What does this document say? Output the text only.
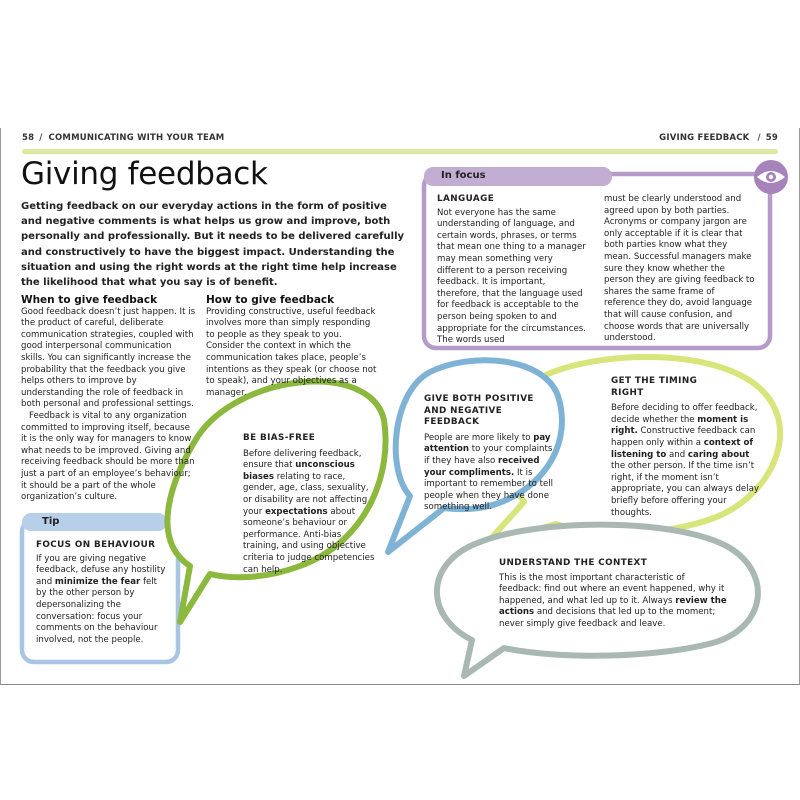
58 / COMMUNICATING WITH YOUR TEAM	GIVING FEEDBACK / 59
Giving feedback

Getting feedback on our everyday actions in the form of positive and negative comments is what helps us grow and improve, both personally and professionally. But it needs to be delivered carefully and constructively to have the biggest impact. Understanding the situation and using the right words at the right time help increase the likelihood that what you say is of benefit.

When to give feedback

Good feedback doesn’t just happen. It is the product of careful, deliberate communication strategies, coupled with good interpersonal communication skills. You can significantly increase the probability that the feedback you give helps others to improve by understanding the role of feedback in both personal and professional settings.

Feedback is vital to any organization committed to improving itself, because it is the only way for managers to know what needs to be improved. Giving and receiving feedback should be more than just a part of an employee’s behaviour; it should be a part of the whole organization’s culture.

How to give feedback

Providing constructive, useful feedback involves more than simply responding to people as they speak to you. Consider the context in which the communication takes place, people’s intentions as they speak (or choose not to speak), and your objectives as a manager.

In focus
LANGUAGE

Not everyone has the same understanding of language, and certain words, phrases, or terms that mean one thing to a manager may mean something very different to a person receiving feedback. It is important, therefore, that the language used for feedback is acceptable to the person being spoken to and appropriate for the circumstances. The words used

must be clearly understood and agreed upon by both parties. Acronyms or company jargon are only acceptable if it is clear that both parties know what they mean. Successful managers make sure they know whether the person they are giving feedback to shares the same frame of reference they do, avoid language that will cause confusion, and choose words that are universally understood.

Tip
FOCUS ON BEHAVIOUR

If you are giving negative feedback, defuse any hostility and minimize the fear felt by the other person by depersonalizing the conversation: focus your comments on the behaviour involved, not the people.

BE BIAS-FREE

Before delivering feedback, ensure that unconscious biases relating to race, gender, age, class, sexuality, or disability are not affecting your expectations about someone’s behaviour or performance. Anti-bias training, and using objective criteria to judge competencies can help.

GIVE BOTH POSITIVE AND NEGATIVE FEEDBACK

People are more likely to pay attention to your complaints if they have also received your compliments. It is important to remember to tell people when they have done something well.

GET THE TIMING RIGHT

Before deciding to offer feedback, decide whether the moment is right. Constructive feedback can happen only within a context of listening to and caring about the other person. If the time isn’t right, if the moment isn’t appropriate, you can always delay briefly before offering your thoughts.

UNDERSTAND THE CONTEXT

This is the most important characteristic of feedback: find out where an event happened, why it happened, and what led up to it. Always review the actions and decisions that led up to the moment; never simply give feedback and leave.
